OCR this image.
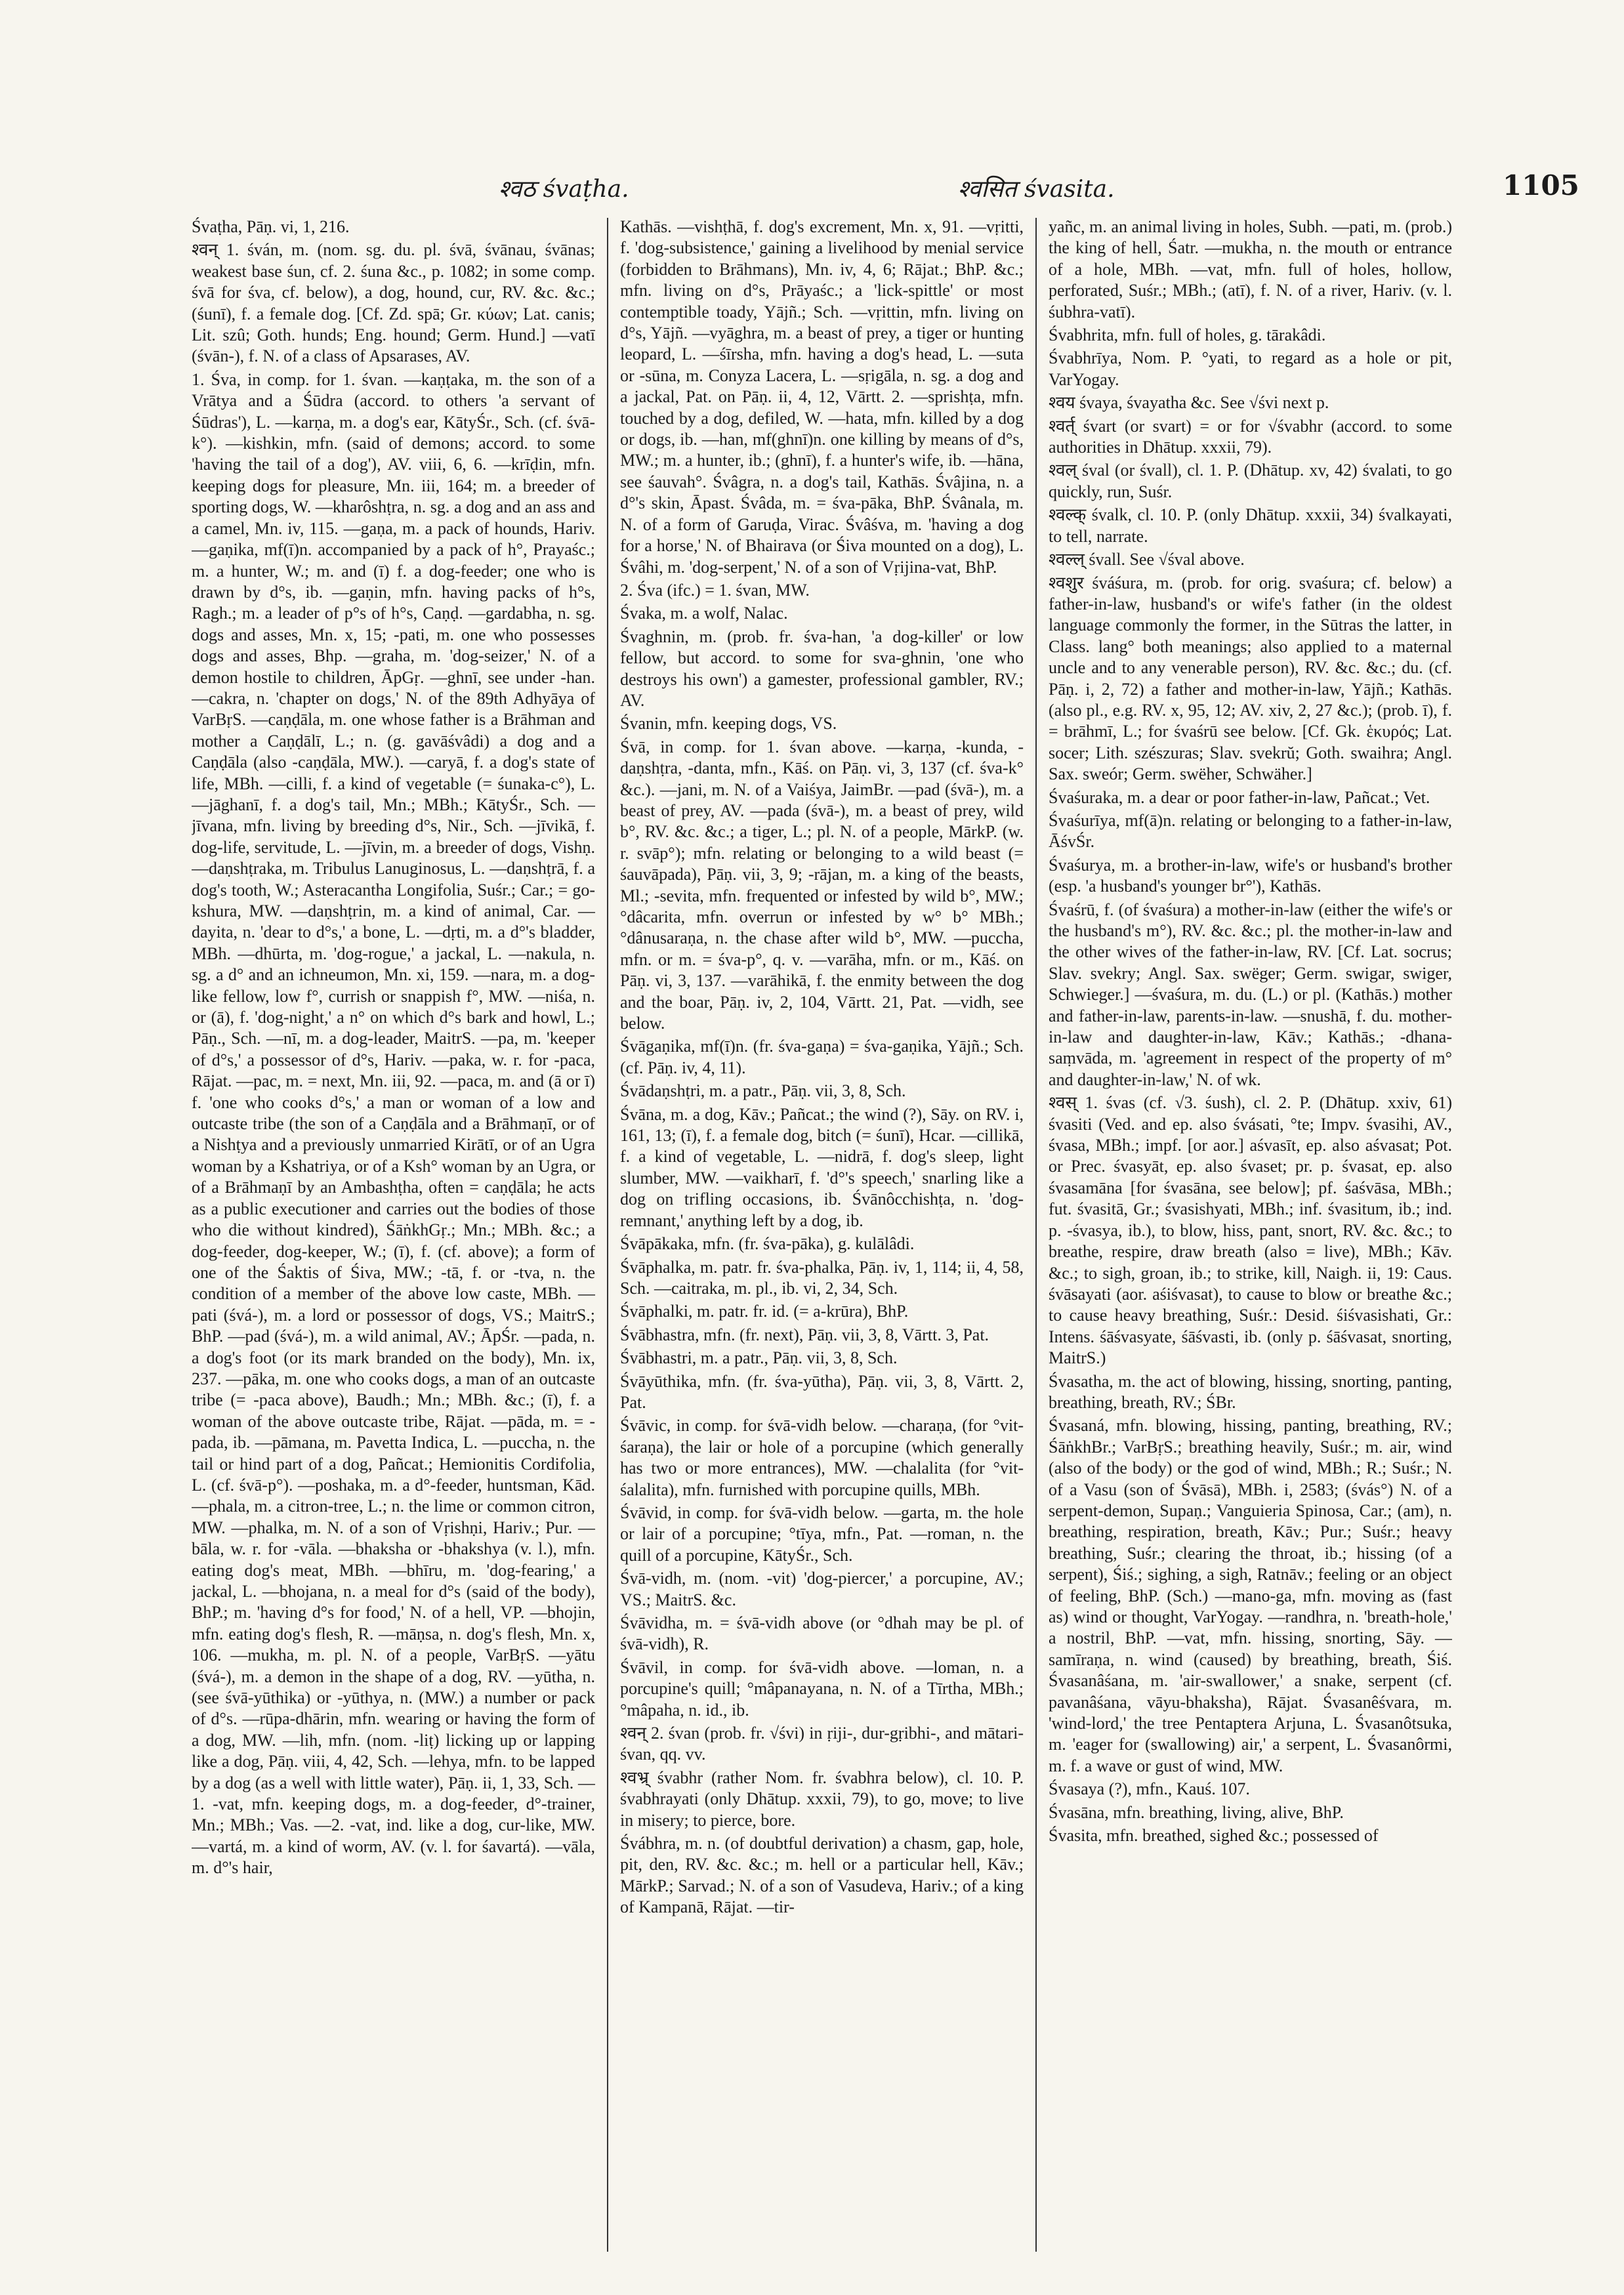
श्वठ śvaṭha.	श्वसित śvasita.	1105

Śvaṭha, Pāṇ. vi, 1, 216.

श्वन् 1. śván, m. (nom. sg. du. pl. śvā, śvānau, śvānas; weakest base śun, cf. 2. śuna &c., p. 1082; in some comp. śvā for śva, cf. below), a dog, hound, cur, RV. &c. &c.; (śunī), f. a female dog. [Cf. Zd. spā; Gr. κύων; Lat. canis; Lit. szû; Goth. hunds; Eng. hound; Germ. Hund.] —vatī (śvān-), f. N. of a class of Apsarases, AV.

1. Śva, in comp. for 1. śvan. —kaṇṭaka, m. the son of a Vrātya and a Śūdra (accord. to others 'a servant of Śūdras'), L. —karṇa, m. a dog's ear, KātyŚr., Sch. (cf. śvā-k°). —kishkin, mfn. (said of demons; accord. to some 'having the tail of a dog'), AV. viii, 6, 6. —krīḍin, mfn. keeping dogs for pleasure, Mn. iii, 164; m. a breeder of sporting dogs, W. —kharôshṭra, n. sg. a dog and an ass and a camel, Mn. iv, 115. —gaṇa, m. a pack of hounds, Hariv. —gaṇika, mf(ī)n. accompanied by a pack of h°, Prayaśc.; m. a hunter, W.; m. and (ī) f. a dog-feeder; one who is drawn by d°s, ib. —gaṇin, mfn. having packs of h°s, Ragh.; m. a leader of p°s of h°s, Caṇḍ. —gardabha, n. sg. dogs and asses, Mn. x, 15; -pati, m. one who possesses dogs and asses, Bhp. —graha, m. 'dog-seizer,' N. of a demon hostile to children, ĀpGṛ. —ghnī, see under -han. —cakra, n. 'chapter on dogs,' N. of the 89th Adhyāya of VarBṛS. —caṇḍāla, m. one whose father is a Brāhman and mother a Caṇḍālī, L.; n. (g. gavāśvâdi) a dog and a Caṇḍāla (also -caṇḍāla, MW.). —caryā, f. a dog's state of life, MBh. —cilli, f. a kind of vegetable (= śunaka-c°), L. —jāghanī, f. a dog's tail, Mn.; MBh.; KātyŚr., Sch. —jīvana, mfn. living by breeding d°s, Nir., Sch. —jīvikā, f. dog-life, servitude, L. —jīvin, m. a breeder of dogs, Vishṇ. —daṇshṭraka, m. Tribulus Lanuginosus, L. —daṇshṭrā, f. a dog's tooth, W.; Asteracantha Longifolia, Suśr.; Car.; = go-kshura, MW. —daṇshṭrin, m. a kind of animal, Car. —dayita, n. 'dear to d°s,' a bone, L. —dṛti, m. a d°'s bladder, MBh. —dhūrta, m. 'dog-rogue,' a jackal, L. —nakula, n. sg. a d° and an ichneumon, Mn. xi, 159. —nara, m. a dog-like fellow, low f°, currish or snappish f°, MW. —niśa, n. or (ā), f. 'dog-night,' a n° on which d°s bark and howl, L.; Pāṇ., Sch. —nī, m. a dog-leader, MaitrS. —pa, m. 'keeper of d°s,' a possessor of d°s, Hariv. —paka, w. r. for -paca, Rājat. —pac, m. = next, Mn. iii, 92. —paca, m. and (ā or ī) f. 'one who cooks d°s,' a man or woman of a low and outcaste tribe (the son of a Caṇḍāla and a Brāhmaṇī, or of a Nishṭya and a previously unmarried Kirātī, or of an Ugra woman by a Kshatriya, or of a Ksh° woman by an Ugra, or of a Brāhmaṇī by an Ambashṭha, often = caṇḍāla; he acts as a public executioner and carries out the bodies of those who die without kindred), ŚāṅkhGṛ.; Mn.; MBh. &c.; a dog-feeder, dog-keeper, W.; (ī), f. (cf. above); a form of one of the Śaktis of Śiva, MW.; -tā, f. or -tva, n. the condition of a member of the above low caste, MBh. —pati (śvá-), m. a lord or possessor of dogs, VS.; MaitrS.; BhP. —pad (śvá-), m. a wild animal, AV.; ĀpŚr. —pada, n. a dog's foot (or its mark branded on the body), Mn. ix, 237. —pāka, m. one who cooks dogs, a man of an outcaste tribe (= -paca above), Baudh.; Mn.; MBh. &c.; (ī), f. a woman of the above outcaste tribe, Rājat. —pāda, m. = -pada, ib. —pāmana, m. Pavetta Indica, L. —puccha, n. the tail or hind part of a dog, Pañcat.; Hemionitis Cordifolia, L. (cf. śvā-p°). —poshaka, m. a d°-feeder, huntsman, Kād. —phala, m. a citron-tree, L.; n. the lime or common citron, MW. —phalka, m. N. of a son of Vṛishṇi, Hariv.; Pur. —bāla, w. r. for -vāla. —bhaksha or -bhakshya (v. l.), mfn. eating dog's meat, MBh. —bhīru, m. 'dog-fearing,' a jackal, L. —bhojana, n. a meal for d°s (said of the body), BhP.; m. 'having d°s for food,' N. of a hell, VP. —bhojin, mfn. eating dog's flesh, R. —māṇsa, n. dog's flesh, Mn. x, 106. —mukha, m. pl. N. of a people, VarBṛS. —yātu (śvá-), m. a demon in the shape of a dog, RV. —yūtha, n. (see śvā-yūthika) or -yūthya, n. (MW.) a number or pack of d°s. —rūpa-dhārin, mfn. wearing or having the form of a dog, MW. —lih, mfn. (nom. -liṭ) licking up or lapping like a dog, Pāṇ. viii, 4, 42, Sch. —lehya, mfn. to be lapped by a dog (as a well with little water), Pāṇ. ii, 1, 33, Sch. —1. -vat, mfn. keeping dogs, m. a dog-feeder, d°-trainer, Mn.; MBh.; Vas. —2. -vat, ind. like a dog, cur-like, MW. —vartá, m. a kind of worm, AV. (v. l. for śavartá). —vāla, m. d°'s hair,

Kathās. —vishṭhā, f. dog's excrement, Mn. x, 91. —vṛitti, f. 'dog-subsistence,' gaining a livelihood by menial service (forbidden to Brāhmans), Mn. iv, 4, 6; Rājat.; BhP. &c.; mfn. living on d°s, Prāyaśc.; a 'lick-spittle' or most contemptible toady, Yājñ.; Sch. —vṛittin, mfn. living on d°s, Yājñ. —vyāghra, m. a beast of prey, a tiger or hunting leopard, L. —śīrsha, mfn. having a dog's head, L. —suta or -sūna, m. Conyza Lacera, L. —sṛigāla, n. sg. a dog and a jackal, Pat. on Pāṇ. ii, 4, 12, Vārtt. 2. —sprishṭa, mfn. touched by a dog, defiled, W. —hata, mfn. killed by a dog or dogs, ib. —han, mf(ghnī)n. one killing by means of d°s, MW.; m. a hunter, ib.; (ghnī), f. a hunter's wife, ib. —hāna, see śauvah°. Śvâgra, n. a dog's tail, Kathās. Śvâjina, n. a d°'s skin, Āpast. Śvâda, m. = śva-pāka, BhP. Śvânala, m. N. of a form of Garuḍa, Virac. Śvâśva, m. 'having a dog for a horse,' N. of Bhairava (or Śiva mounted on a dog), L. Śvâhi, m. 'dog-serpent,' N. of a son of Vṛijina-vat, BhP.

2. Śva (ifc.) = 1. śvan, MW.

Śvaka, m. a wolf, Nalac.

Śvaghnin, m. (prob. fr. śva-han, 'a dog-killer' or low fellow, but accord. to some for sva-ghnin, 'one who destroys his own') a gamester, professional gambler, RV.; AV.

Śvanin, mfn. keeping dogs, VS.

Śvā, in comp. for 1. śvan above. —karṇa, -kunda, -daṇshṭra, -danta, mfn., Kāś. on Pāṇ. vi, 3, 137 (cf. śva-k° &c.). —jani, m. N. of a Vaiśya, JaimBr. —pad (śvā-), m. a beast of prey, AV. —pada (śvā-), m. a beast of prey, wild b°, RV. &c. &c.; a tiger, L.; pl. N. of a people, MārkP. (w. r. svāp°); mfn. relating or belonging to a wild beast (= śauvāpada), Pāṇ. vii, 3, 9; -rājan, m. a king of the beasts, Ml.; -sevita, mfn. frequented or infested by wild b°, MW.; °dâcarita, mfn. overrun or infested by w° b° MBh.; °dânusaraṇa, n. the chase after wild b°, MW. —puccha, mfn. or m. = śva-p°, q. v. —varāha, mfn. or m., Kāś. on Pāṇ. vi, 3, 137. —varāhikā, f. the enmity between the dog and the boar, Pāṇ. iv, 2, 104, Vārtt. 21, Pat. —vidh, see below.

Śvāgaṇika, mf(ī)n. (fr. śva-gaṇa) = śva-gaṇika, Yājñ.; Sch. (cf. Pāṇ. iv, 4, 11).

Śvādaṇshṭri, m. a patr., Pāṇ. vii, 3, 8, Sch.

Śvāna, m. a dog, Kāv.; Pañcat.; the wind (?), Sāy. on RV. i, 161, 13; (ī), f. a female dog, bitch (= śunī), Hcar. —cillikā, f. a kind of vegetable, L. —nidrā, f. dog's sleep, light slumber, MW. —vaikharī, f. 'd°'s speech,' snarling like a dog on trifling occasions, ib. Śvānôcchishṭa, n. 'dog-remnant,' anything left by a dog, ib.

Śvāpākaka, mfn. (fr. śva-pāka), g. kulālâdi.

Śvāphalka, m. patr. fr. śva-phalka, Pāṇ. iv, 1, 114; ii, 4, 58, Sch. —caitraka, m. pl., ib. vi, 2, 34, Sch.

Śvāphalki, m. patr. fr. id. (= a-krūra), BhP.

Śvābhastra, mfn. (fr. next), Pāṇ. vii, 3, 8, Vārtt. 3, Pat.

Śvābhastri, m. a patr., Pāṇ. vii, 3, 8, Sch.

Śvāyūthika, mfn. (fr. śva-yūtha), Pāṇ. vii, 3, 8, Vārtt. 2, Pat.

Śvāvic, in comp. for śvā-vidh below. —charaṇa, (for °vit-śaraṇa), the lair or hole of a porcupine (which generally has two or more entrances), MW. —chalalita (for °vit-śalalita), mfn. furnished with porcupine quills, MBh.

Śvāvid, in comp. for śvā-vidh below. —garta, m. the hole or lair of a porcupine; °tīya, mfn., Pat. —roman, n. the quill of a porcupine, KātyŚr., Sch.

Śvā-vidh, m. (nom. -vit) 'dog-piercer,' a porcupine, AV.; VS.; MaitrS. &c.

Śvāvidha, m. = śvā-vidh above (or °dhah may be pl. of śvā-vidh), R.

Śvāvil, in comp. for śvā-vidh above. —loman, n. a porcupine's quill; °mâpanayana, n. N. of a Tīrtha, MBh.; °mâpaha, n. id., ib.

श्वन् 2. śvan (prob. fr. √śvi) in ṛiji-, dur-gṛibhi-, and mātari-śvan, qq. vv.

श्वभ्र् śvabhr (rather Nom. fr. śvabhra below), cl. 10. P. śvabhrayati (only Dhātup. xxxii, 79), to go, move; to live in misery; to pierce, bore.

Śvábhra, m. n. (of doubtful derivation) a chasm, gap, hole, pit, den, RV. &c. &c.; m. hell or a particular hell, Kāv.; MārkP.; Sarvad.; N. of a son of Vasudeva, Hariv.; of a king of Kampanā, Rājat. —tir-

yañc, m. an animal living in holes, Subh. —pati, m. (prob.) the king of hell, Śatr. —mukha, n. the mouth or entrance of a hole, MBh. —vat, mfn. full of holes, hollow, perforated, Suśr.; MBh.; (atī), f. N. of a river, Hariv. (v. l. śubhra-vatī).

Śvabhrita, mfn. full of holes, g. tārakâdi.

Śvabhrīya, Nom. P. °yati, to regard as a hole or pit, VarYogay.

श्वय śvaya, śvayatha &c. See √śvi next p.

श्वर्त् śvart (or svart) = or for √śvabhr (accord. to some authorities in Dhātup. xxxii, 79).

श्वल् śval (or śvall), cl. 1. P. (Dhātup. xv, 42) śvalati, to go quickly, run, Suśr.

श्वल्क् śvalk, cl. 10. P. (only Dhātup. xxxii, 34) śvalkayati, to tell, narrate.

श्वल्ल् śvall. See √śval above.

श्वशुर śváśura, m. (prob. for orig. svaśura; cf. below) a father-in-law, husband's or wife's father (in the oldest language commonly the former, in the Sūtras the latter, in Class. lang° both meanings; also applied to a maternal uncle and to any venerable person), RV. &c. &c.; du. (cf. Pāṇ. i, 2, 72) a father and mother-in-law, Yājñ.; Kathās. (also pl., e.g. RV. x, 95, 12; AV. xiv, 2, 27 &c.); (prob. ī), f. = brāhmī, L.; for śvaśrū see below. [Cf. Gk. ἑκυρός; Lat. socer; Lith. szészuras; Slav. svekrŭ; Goth. swaihra; Angl. Sax. sweór; Germ. swëher, Schwäher.]

Śvaśuraka, m. a dear or poor father-in-law, Pañcat.; Vet.

Śvaśurīya, mf(ā)n. relating or belonging to a father-in-law, ĀśvŚr.

Śvaśurya, m. a brother-in-law, wife's or husband's brother (esp. 'a husband's younger br°'), Kathās.

Śvaśrū, f. (of śvaśura) a mother-in-law (either the wife's or the husband's m°), RV. &c. &c.; pl. the mother-in-law and the other wives of the father-in-law, RV. [Cf. Lat. socrus; Slav. svekry; Angl. Sax. swëger; Germ. swigar, swiger, Schwieger.] —śvaśura, m. du. (L.) or pl. (Kathās.) mother and father-in-law, parents-in-law. —snushā, f. du. mother-in-law and daughter-in-law, Kāv.; Kathās.; -dhana-saṃvāda, m. 'agreement in respect of the property of m° and daughter-in-law,' N. of wk.

श्वस् 1. śvas (cf. √3. śush), cl. 2. P. (Dhātup. xxiv, 61) śvasiti (Ved. and ep. also śvásati, °te; Impv. śvasihi, AV., śvasa, MBh.; impf. [or aor.] aśvasīt, ep. also aśvasat; Pot. or Prec. śvasyāt, ep. also śvaset; pr. p. śvasat, ep. also śvasamāna [for śvasāna, see below]; pf. śaśvāsa, MBh.; fut. śvasitā, Gr.; śvasishyati, MBh.; inf. śvasitum, ib.; ind. p. -śvasya, ib.), to blow, hiss, pant, snort, RV. &c. &c.; to breathe, respire, draw breath (also = live), MBh.; Kāv. &c.; to sigh, groan, ib.; to strike, kill, Naigh. ii, 19: Caus. śvāsayati (aor. aśiśvasat), to cause to blow or breathe &c.; to cause heavy breathing, Suśr.: Desid. śiśvasishati, Gr.: Intens. śāśvasyate, śāśvasti, ib. (only p. śāśvasat, snorting, MaitrS.)

Śvasatha, m. the act of blowing, hissing, snorting, panting, breathing, breath, RV.; ŚBr.

Śvasaná, mfn. blowing, hissing, panting, breathing, RV.; ŚāṅkhBr.; VarBṛS.; breathing heavily, Suśr.; m. air, wind (also of the body) or the god of wind, MBh.; R.; Suśr.; N. of a Vasu (son of Śvāsā), MBh. i, 2583; (śvás°) N. of a serpent-demon, Supaṇ.; Vanguieria Spinosa, Car.; (am), n. breathing, respiration, breath, Kāv.; Pur.; Suśr.; heavy breathing, Suśr.; clearing the throat, ib.; hissing (of a serpent), Śiś.; sighing, a sigh, Ratnāv.; feeling or an object of feeling, BhP. (Sch.) —mano-ga, mfn. moving as (fast as) wind or thought, VarYogay. —randhra, n. 'breath-hole,' a nostril, BhP. —vat, mfn. hissing, snorting, Sāy. —samīraṇa, n. wind (caused) by breathing, breath, Śiś. Śvasanâśana, m. 'air-swallower,' a snake, serpent (cf. pavanâśana, vāyu-bhaksha), Rājat. Śvasanêśvara, m. 'wind-lord,' the tree Pentaptera Arjuna, L. Śvasanôtsuka, m. 'eager for (swallowing) air,' a serpent, L. Śvasanôrmi, m. f. a wave or gust of wind, MW.

Śvasaya (?), mfn., Kauś. 107.

Śvasāna, mfn. breathing, living, alive, BhP.

Śvasita, mfn. breathed, sighed &c.; possessed of
